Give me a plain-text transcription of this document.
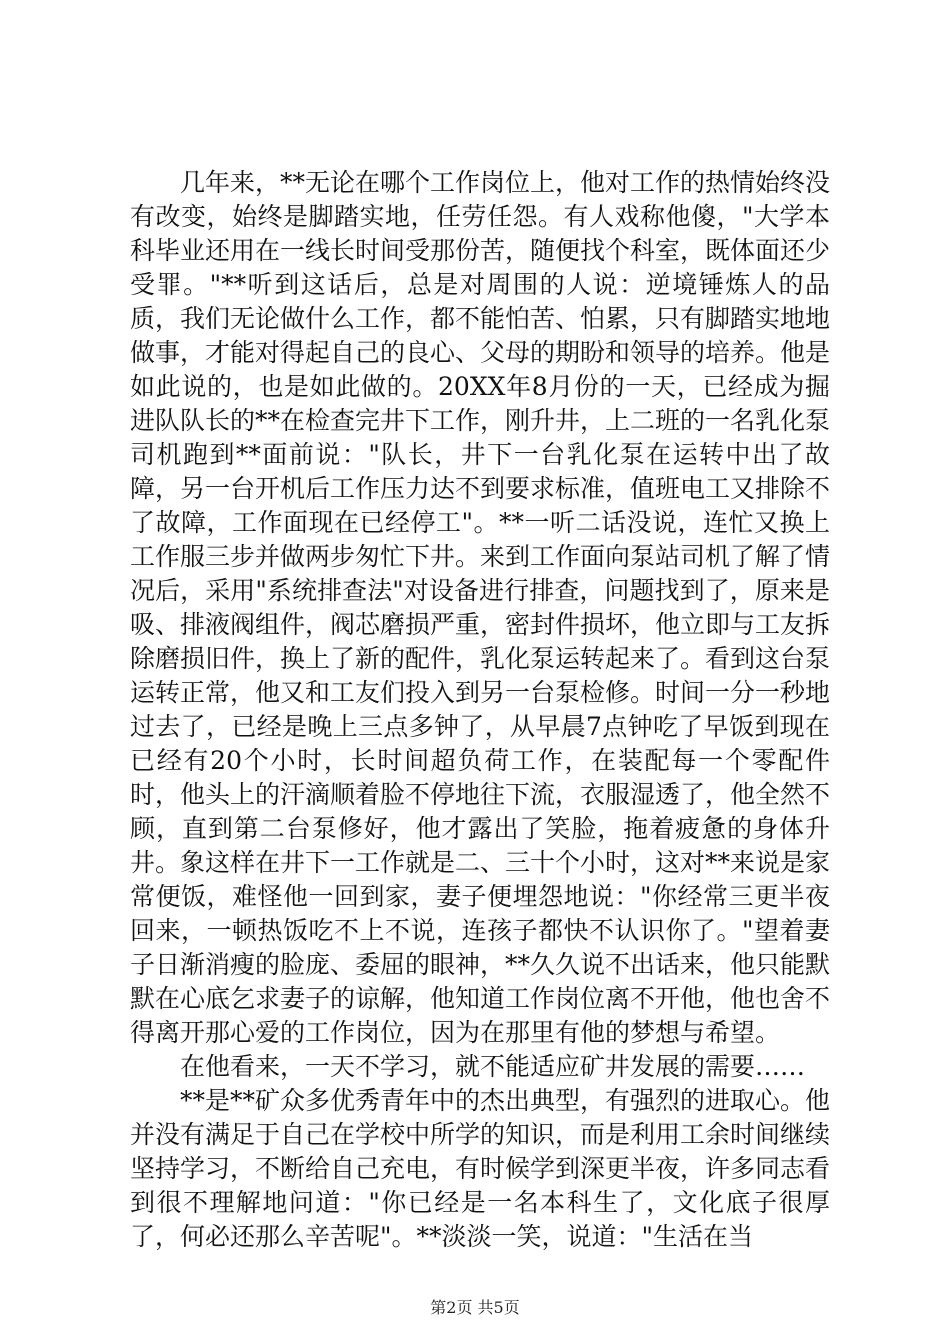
几年来，**无论在哪个工作岗位上，他对工作的热情始终没有改变，始终是脚踏实地，任劳任怨。有人戏称他傻，"大学本科毕业还用在一线长时间受那份苦，随便找个科室，既体面还少受罪。"**听到这话后，总是对周围的人说：逆境锤炼人的品质，我们无论做什么工作，都不能怕苦、怕累，只有脚踏实地地做事，才能对得起自己的良心、父母的期盼和领导的培养。他是如此说的，也是如此做的。20XX年8月份的一天，已经成为掘进队队长的**在检查完井下工作，刚升井，上二班的一名乳化泵司机跑到**面前说："队长，井下一台乳化泵在运转中出了故障，另一台开机后工作压力达不到要求标准，值班电工又排除不了故障，工作面现在已经停工"。**一听二话没说，连忙又换上工作服三步并做两步匆忙下井。来到工作面向泵站司机了解了情况后，采用"系统排查法"对设备进行排查，问题找到了，原来是吸、排液阀组件，阀芯磨损严重，密封件损坏，他立即与工友拆除磨损旧件，换上了新的配件，乳化泵运转起来了。看到这台泵运转正常，他又和工友们投入到另一台泵检修。时间一分一秒地过去了，已经是晚上三点多钟了，从早晨7点钟吃了早饭到现在已经有20个小时，长时间超负荷工作，在装配每一个零配件时，他头上的汗滴顺着脸不停地往下流，衣服湿透了，他全然不顾，直到第二台泵修好，他才露出了笑脸，拖着疲惫的身体升井。象这样在井下一工作就是二、三十个小时，这对**来说是家常便饭，难怪他一回到家，妻子便埋怨地说："你经常三更半夜回来，一顿热饭吃不上不说，连孩子都快不认识你了。"望着妻子日渐消瘦的脸庞、委屈的眼神，**久久说不出话来，他只能默默在心底乞求妻子的谅解，他知道工作岗位离不开他，他也舍不得离开那心爱的工作岗位，因为在那里有他的梦想与希望。

在他看来，一天不学习，就不能适应矿井发展的需要……

**是**矿众多优秀青年中的杰出典型，有强烈的进取心。他并没有满足于自己在学校中所学的知识，而是利用工余时间继续坚持学习，不断给自己充电，有时候学到深更半夜，许多同志看到很不理解地问道："你已经是一名本科生了，文化底子很厚了，何必还那么辛苦呢"。**淡淡一笑，说道："生活在当

第2页 共5页
